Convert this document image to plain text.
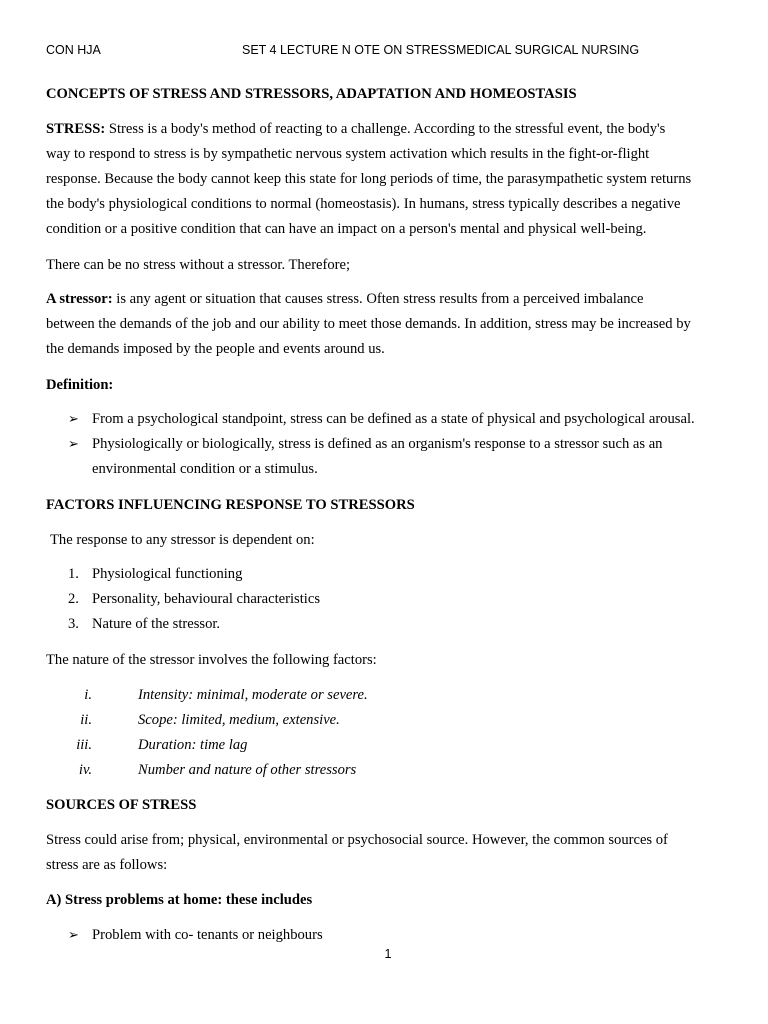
CON HJA	SET 4 LECTURE N OTE ON STRESS MEDICAL SURGICAL NURSING
CONCEPTS OF STRESS AND STRESSORS, ADAPTATION AND HOMEOSTASIS
STRESS: Stress is a body's method of reacting to a challenge. According to the stressful event, the body's
way to respond to stress is by sympathetic nervous system activation which results in the fight-or-flight
response. Because the body cannot keep this state for long periods of time, the parasympathetic system returns
the body's physiological conditions to normal (homeostasis). In humans, stress typically describes a negative
condition or a positive condition that can have an impact on a person's mental and physical well-being.
There can be no stress without a stressor. Therefore;
A stressor: is any agent or situation that causes stress. Often stress results from a perceived imbalance
between the demands of the job and our ability to meet those demands. In addition, stress may be increased by
the demands imposed by the people and events around us.
Definition:
➢ From a psychological standpoint, stress can be defined as a state of physical and psychological arousal.
➢ Physiologically or biologically, stress is defined as an organism's response to a stressor such as an
environmental condition or a stimulus.
FACTORS INFLUENCING RESPONSE TO STRESSORS
The response to any stressor is dependent on:
1. Physiological functioning
2. Personality, behavioural characteristics
3. Nature of the stressor.
The nature of the stressor involves the following factors:
i.	Intensity: minimal, moderate or severe.
ii.	Scope: limited, medium, extensive.
iii.	Duration: time lag
iv.	Number and nature of other stressors
SOURCES OF STRESS
Stress could arise from; physical, environmental or psychosocial source. However, the common sources of
stress are as follows:
A) Stress problems at home: these includes
➢ Problem with co- tenants or neighbours
1
